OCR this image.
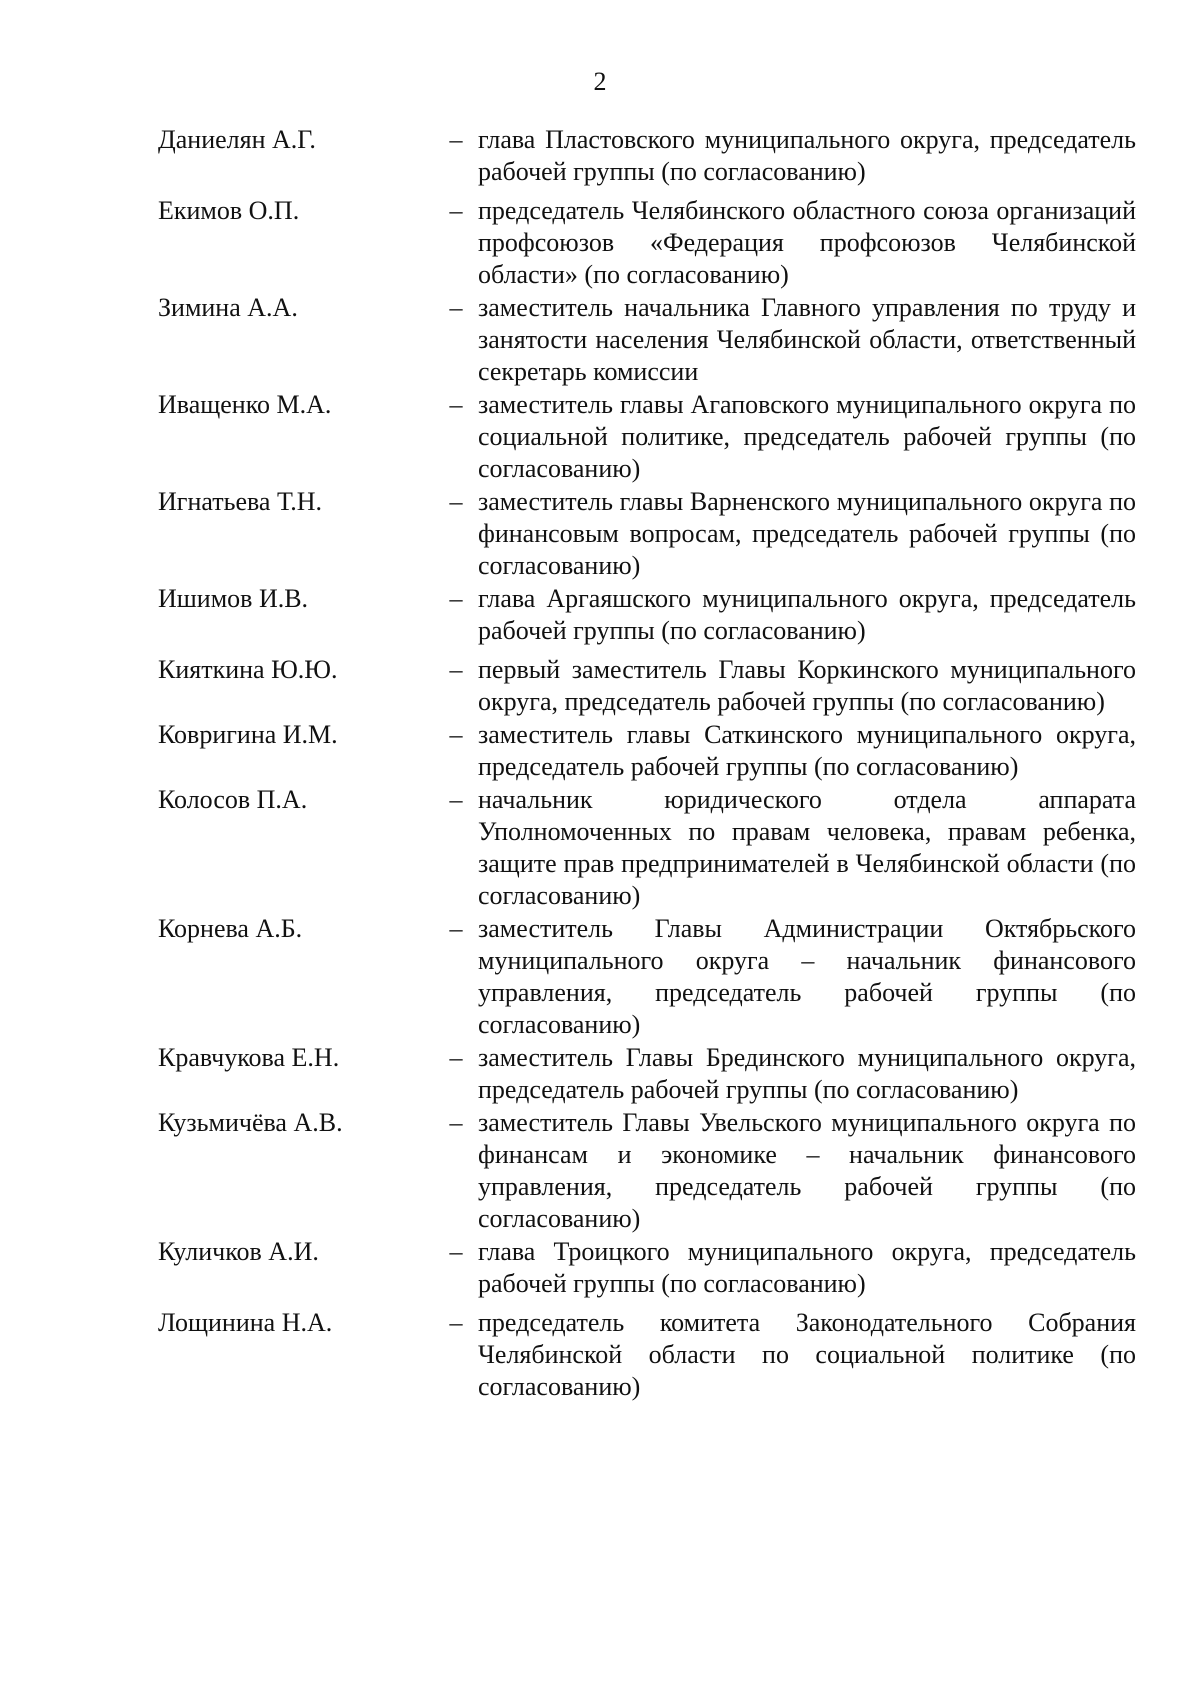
2
Даниелян А.Г.	– глава Пластовского муниципального округа, председатель рабочей группы (по согласованию)
Екимов О.П.	– председатель Челябинского областного союза организаций профсоюзов «Федерация профсоюзов Челябинской области» (по согласованию)
Зимина А.А.	– заместитель начальника Главного управления по труду и занятости населения Челябинской области, ответственный секретарь комиссии
Иващенко М.А.	– заместитель главы Агаповского муниципального округа по социальной политике, председатель рабочей группы (по согласованию)
Игнатьева Т.Н.	– заместитель главы Варненского муниципального округа по финансовым вопросам, председатель рабочей группы (по согласованию)
Ишимов И.В.	– глава Аргаяшского муниципального округа, председатель рабочей группы (по согласованию)
Кияткина Ю.Ю.	– первый заместитель Главы Коркинского муниципального округа, председатель рабочей группы (по согласованию)
Ковригина И.М.	– заместитель главы Саткинского муниципального округа, председатель рабочей группы (по согласованию)
Колосов П.А.	– начальник юридического отдела аппарата Уполномоченных по правам человека, правам ребенка, защите прав предпринимателей в Челябинской области (по согласованию)
Корнева А.Б.	– заместитель Главы Администрации Октябрьского муниципального округа – начальник финансового управления, председатель рабочей группы (по согласованию)
Кравчукова Е.Н.	– заместитель Главы Брединского муниципального округа, председатель рабочей группы (по согласованию)
Кузьмичёва А.В.	– заместитель Главы Увельского муниципального округа по финансам и экономике – начальник финансового управления, председатель рабочей группы (по согласованию)
Куличков А.И.	– глава Троицкого муниципального округа, председатель рабочей группы (по согласованию)
Лощинина Н.А.	– председатель комитета Законодательного Собрания Челябинской области по социальной политике (по согласованию)
